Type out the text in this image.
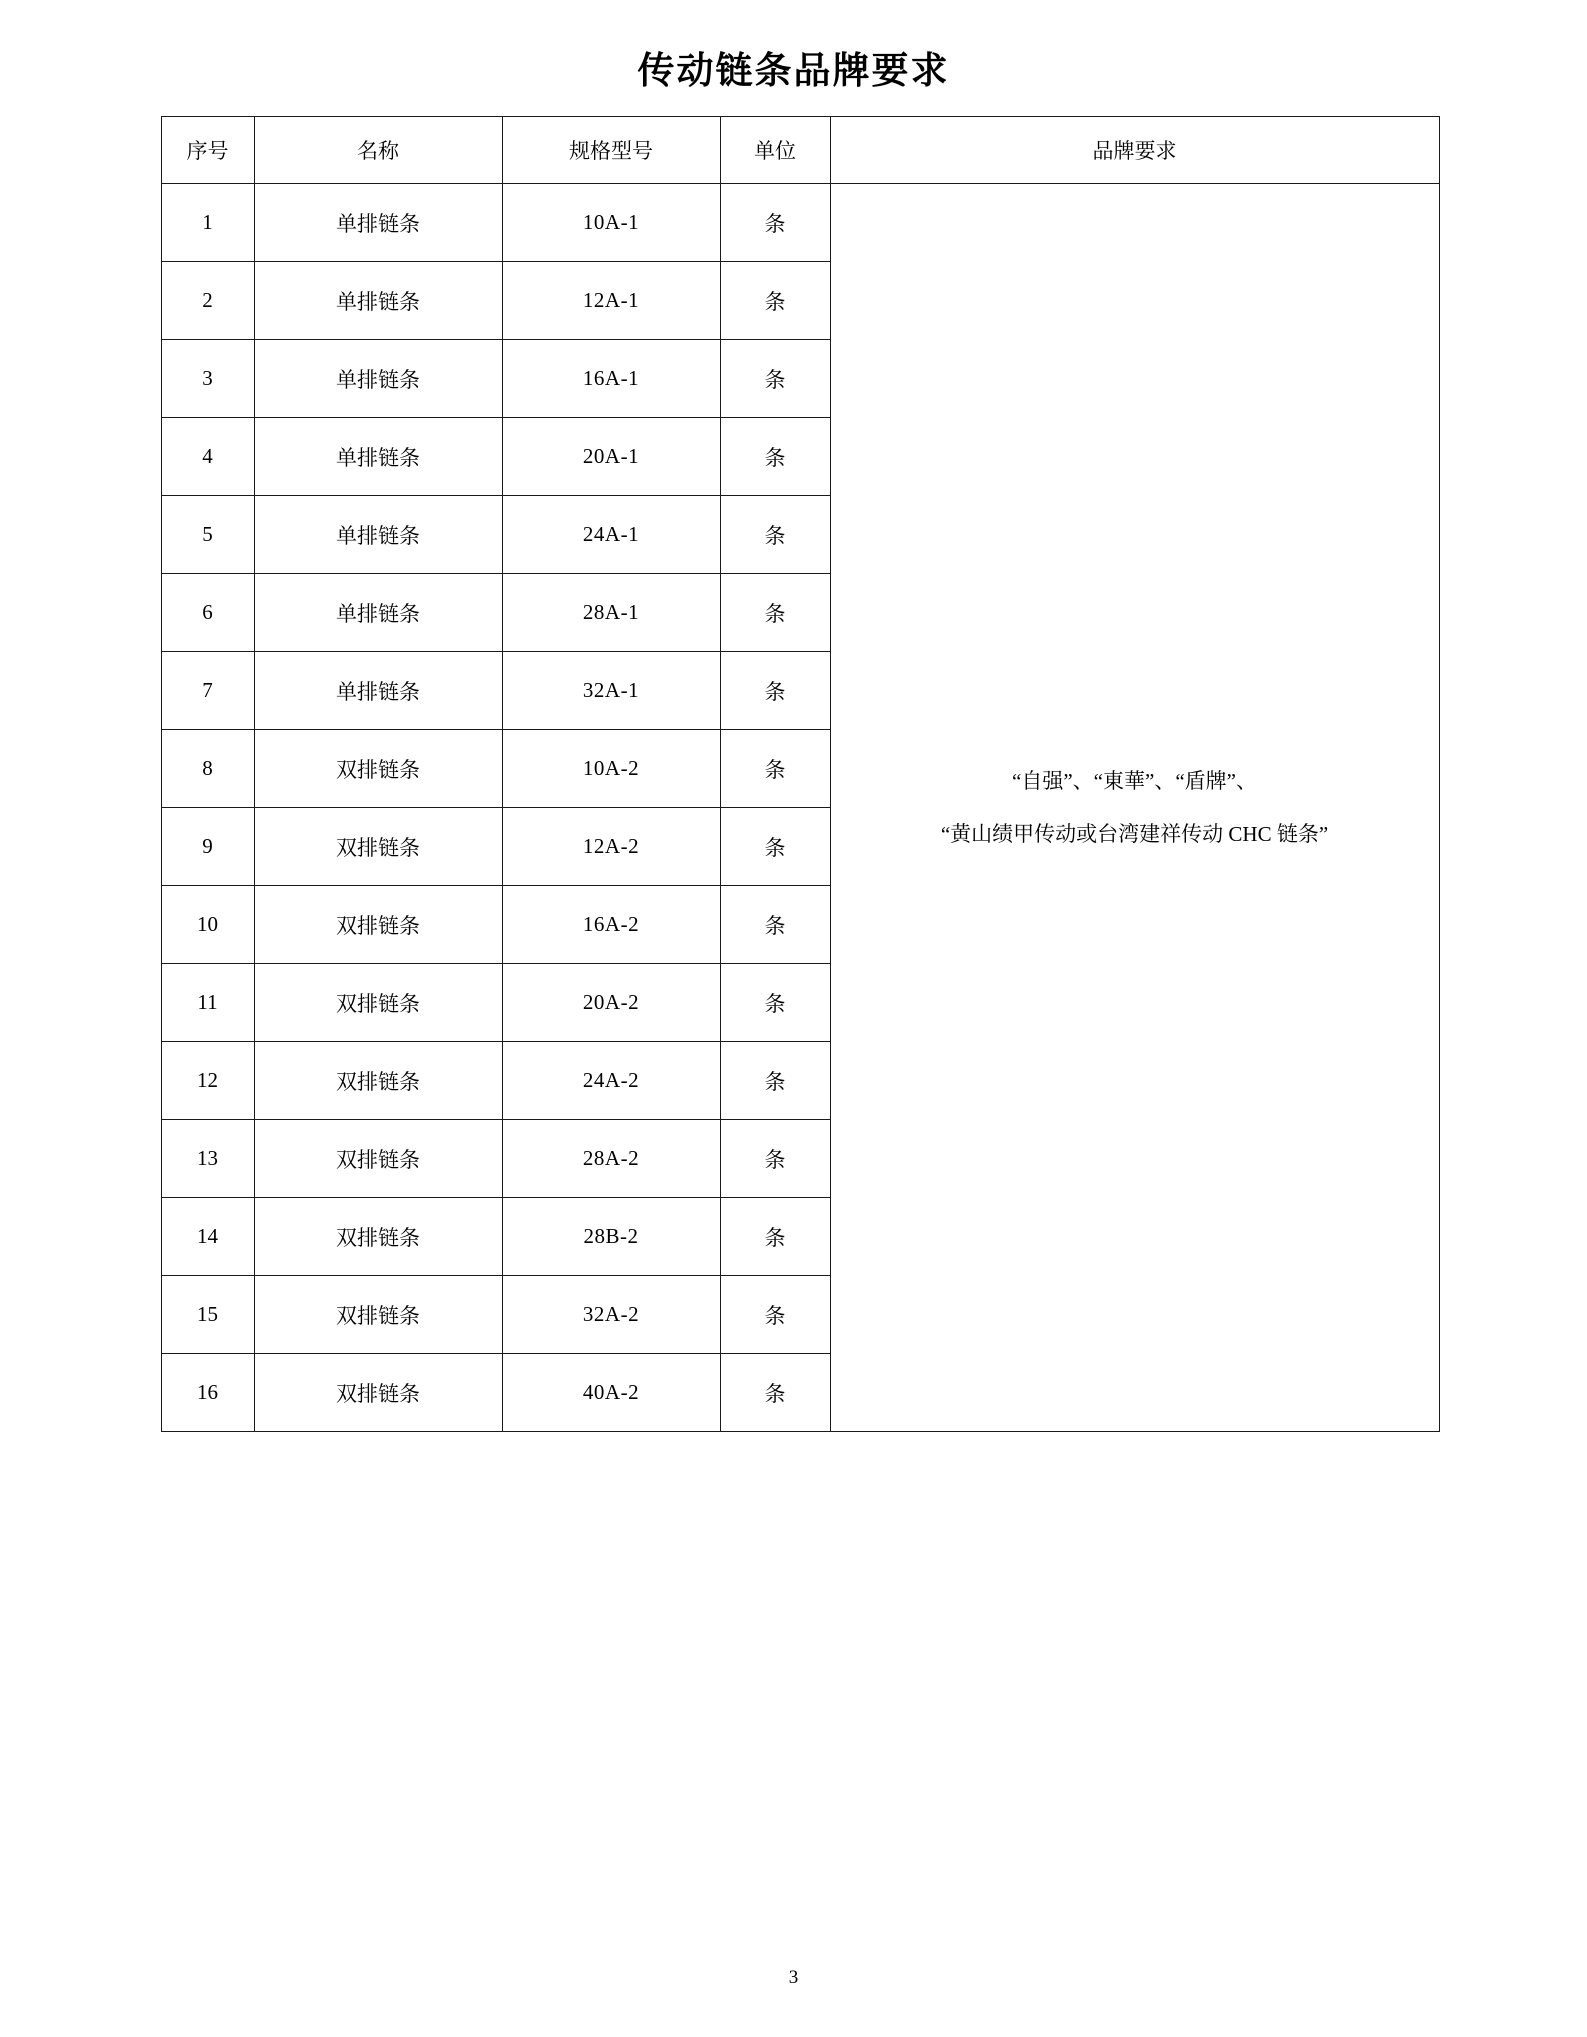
传动链条品牌要求
序号	名称	规格型号	单位	品牌要求
1	单排链条	10A-1	条	“自强”、“東華”、“盾牌”、
“黄山绩甲传动或台湾建祥传动 CHC 链条”

2	单排链条	12A-1	条	
3	单排链条	16A-1	条	
4	单排链条	20A-1	条	
5	单排链条	24A-1	条	
6	单排链条	28A-1	条	
7	单排链条	32A-1	条	
8	双排链条	10A-2	条	
9	双排链条	12A-2	条	
10	双排链条	16A-2	条	
11	双排链条	20A-2	条	
12	双排链条	24A-2	条	
13	双排链条	28A-2	条	
14	双排链条	28B-2	条	
15	双排链条	32A-2	条	
16	双排链条	40A-2	条	
3
